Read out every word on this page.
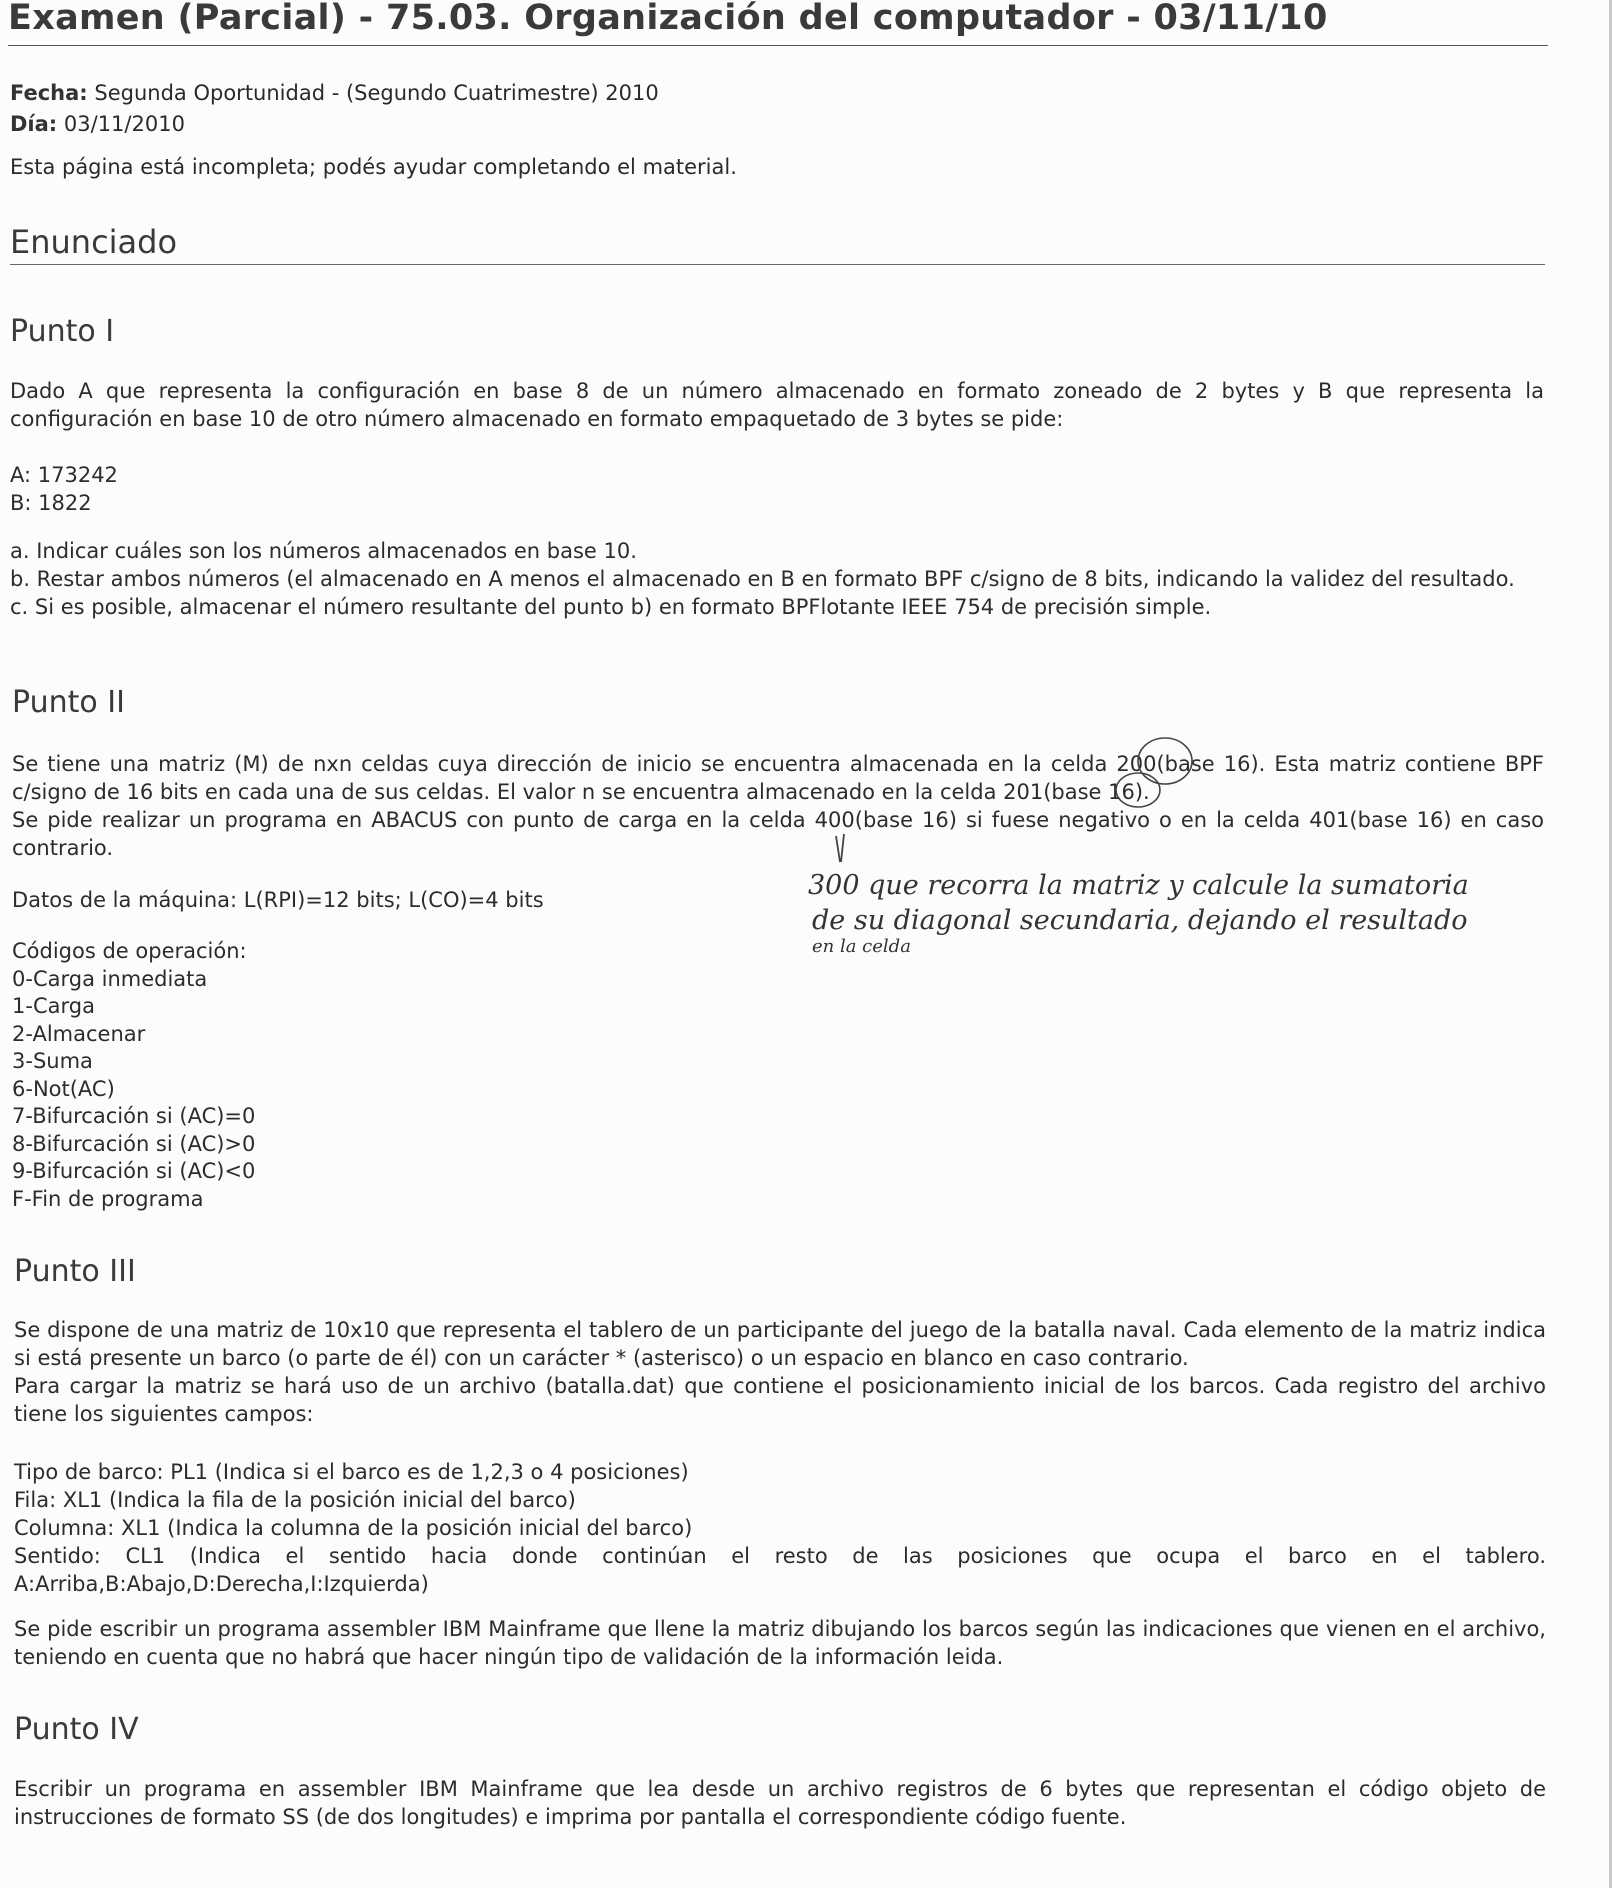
Examen (Parcial) - 75.03. Organización del computador - 03/11/10
Fecha: Segunda Oportunidad - (Segundo Cuatrimestre) 2010
Día: 03/11/2010
Esta página está incompleta; podés ayudar completando el material.
Enunciado
Punto I
Dado A que representa la configuración en base 8 de un número almacenado en formato zoneado de 2 bytes y B que representa la configuración en base 10 de otro número almacenado en formato empaquetado de 3 bytes se pide:
A: 173242
B: 1822
a. Indicar cuáles son los números almacenados en base 10.
b. Restar ambos números (el almacenado en A menos el almacenado en B en formato BPF c/signo de 8 bits, indicando la validez del resultado.
c. Si es posible, almacenar el número resultante del punto b) en formato BPFlotante IEEE 754 de precisión simple.
Punto II
Se tiene una matriz (M) de nxn celdas cuya dirección de inicio se encuentra almacenada en la celda 200(base 16). Esta matriz contiene BPF c/signo de 16 bits en cada una de sus celdas. El valor n se encuentra almacenado en la celda 201(base 16).
Se pide realizar un programa en ABACUS con punto de carga en la celda 400(base 16) si fuese negativo o en la celda 401(base 16) en caso contrario.
Datos de la máquina: L(RPI)=12 bits; L(CO)=4 bits
Códigos de operación:
0-Carga inmediata
1-Carga
2-Almacenar
3-Suma
6-Not(AC)
7-Bifurcación si (AC)=0
8-Bifurcación si (AC)>0
9-Bifurcación si (AC)<0
F-Fin de programa
300 que recorra la matriz y calcule la sumatoria
de su diagonal secundaria, dejando el resultado
en la celda
Punto III
Se dispone de una matriz de 10x10 que representa el tablero de un participante del juego de la batalla naval. Cada elemento de la matriz indica si está presente un barco (o parte de él) con un carácter * (asterisco) o un espacio en blanco en caso contrario.
Para cargar la matriz se hará uso de un archivo (batalla.dat) que contiene el posicionamiento inicial de los barcos. Cada registro del archivo tiene los siguientes campos:
Tipo de barco: PL1 (Indica si el barco es de 1,2,3 o 4 posiciones)
Fila: XL1 (Indica la fila de la posición inicial del barco)
Columna: XL1 (Indica la columna de la posición inicial del barco)
Sentido: CL1 (Indica el sentido hacia donde continúan el resto de las posiciones que ocupa el barco en el tablero. A:Arriba,B:Abajo,D:Derecha,I:Izquierda)
Se pide escribir un programa assembler IBM Mainframe que llene la matriz dibujando los barcos según las indicaciones que vienen en el archivo, teniendo en cuenta que no habrá que hacer ningún tipo de validación de la información leida.
Punto IV
Escribir un programa en assembler IBM Mainframe que lea desde un archivo registros de 6 bytes que representan el código objeto de instrucciones de formato SS (de dos longitudes) e imprima por pantalla el correspondiente código fuente.
